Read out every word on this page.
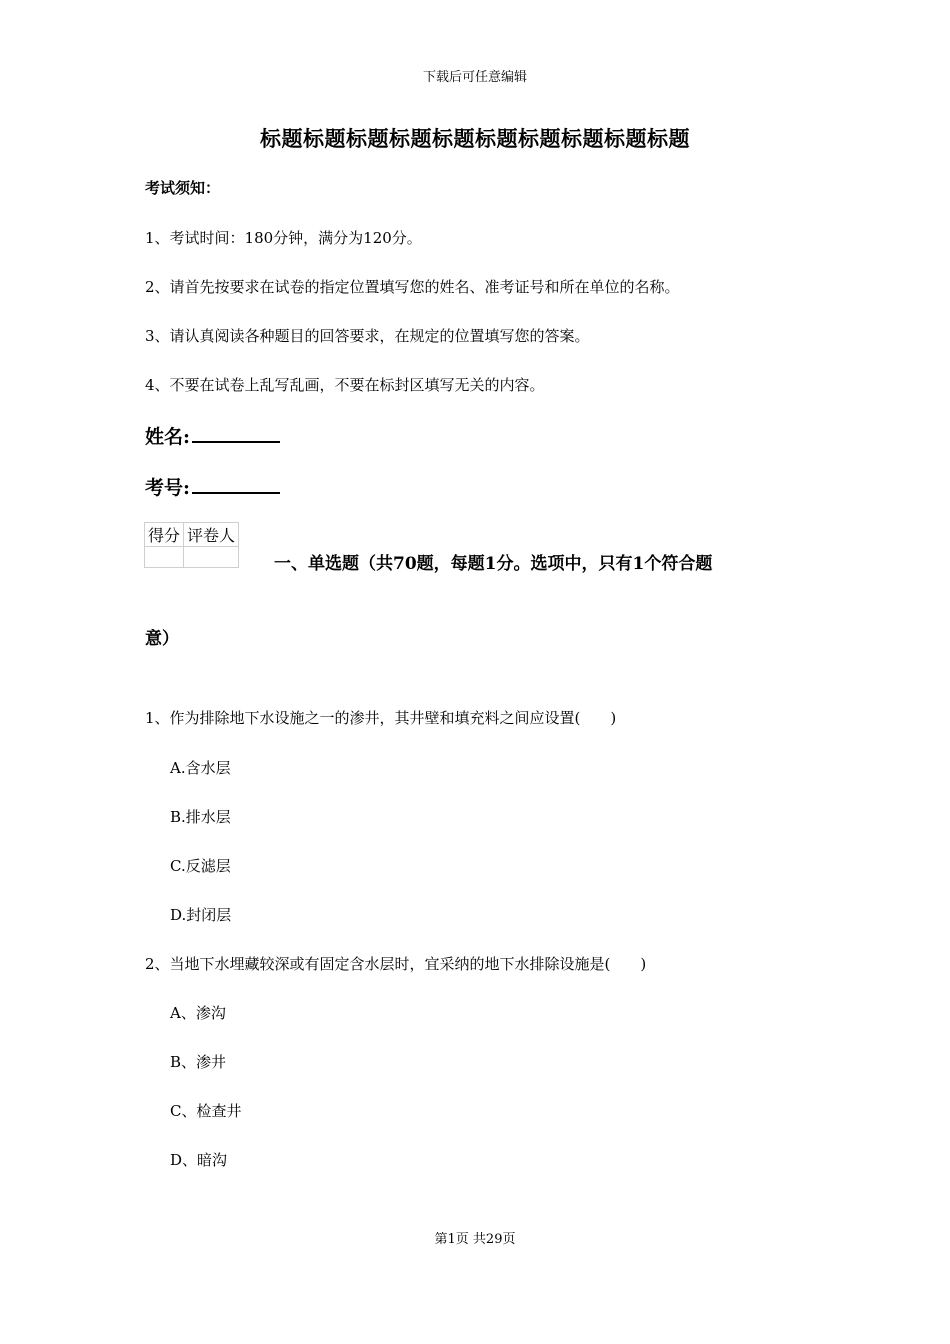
下载后可任意编辑
标题标题标题标题标题标题标题标题标题标题
考试须知：
1、考试时间：180分钟，满分为120分。
2、请首先按要求在试卷的指定位置填写您的姓名、准考证号和所在单位的名称。
3、请认真阅读各种题目的回答要求，在规定的位置填写您的答案。
4、不要在试卷上乱写乱画，不要在标封区填写无关的内容。
姓名:
考号:
得分	评卷人

一、单选题（共70题，每题1分。选项中，只有1个符合题
意）
1、作为排除地下水设施之一的渗井，其井壁和填充料之间应设置(　　)
A.含水层
B.排水层
C.反滤层
D.封闭层
2、当地下水埋藏较深或有固定含水层时，宜采纳的地下水排除设施是(　　)
A、渗沟
B、渗井
C、检查井
D、暗沟
第1页 共29页
